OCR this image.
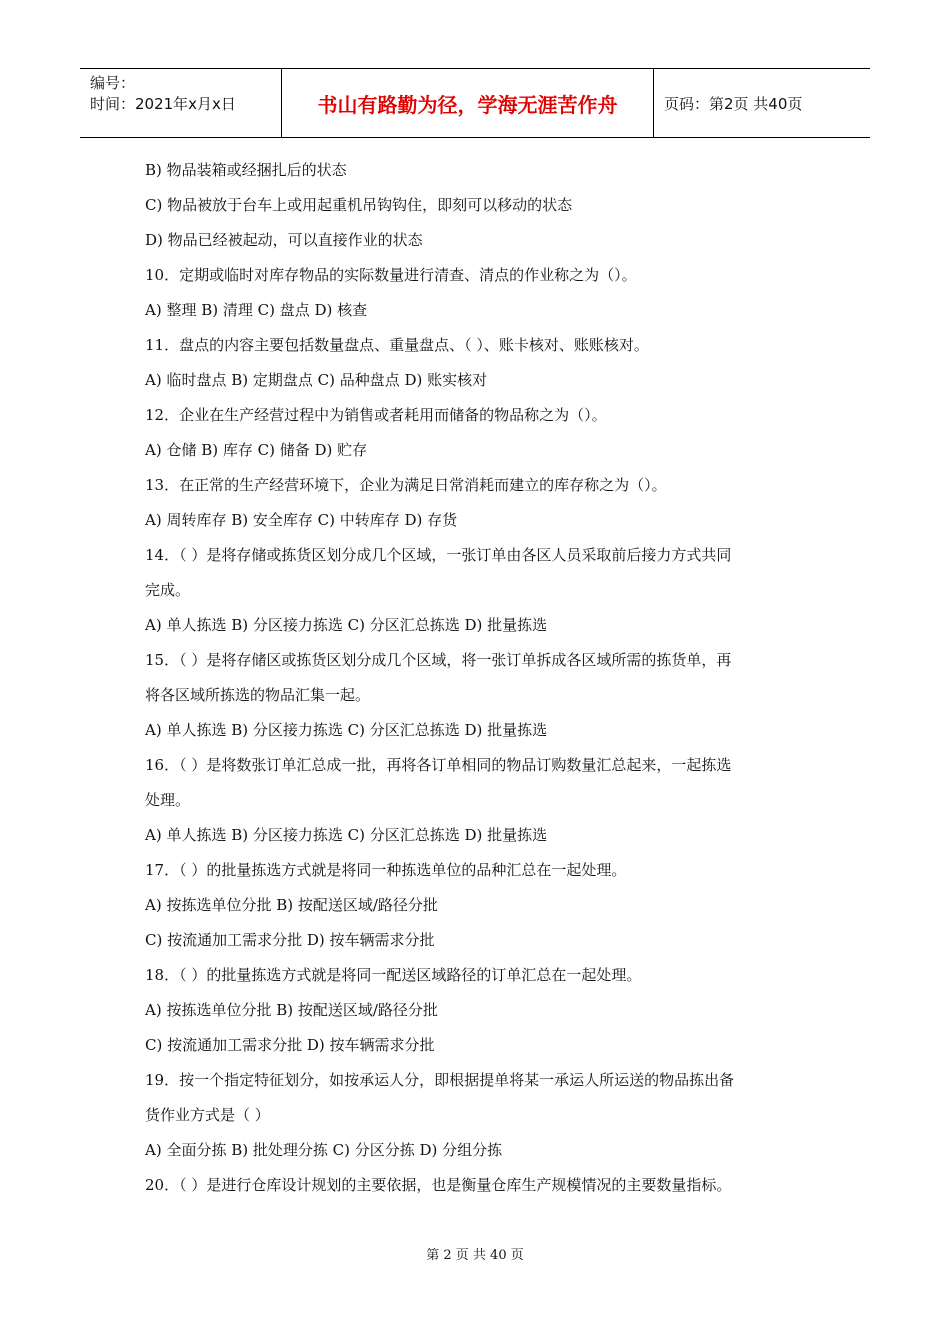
编号：
时间：2021年x月x日	书山有路勤为径，学海无涯苦作舟	页码：第2页 共40页
B) 物品装箱或经捆扎后的状态
C) 物品被放于台车上或用起重机吊钩钩住，即刻可以移动的状态
D) 物品已经被起动，可以直接作业的状态
10．定期或临时对库存物品的实际数量进行清查、清点的作业称之为（）。
A) 整理 B) 清理 C) 盘点 D) 核查
11．盘点的内容主要包括数量盘点、重量盘点、（ ）、账卡核对、账账核对。
A) 临时盘点 B) 定期盘点 C) 品种盘点 D) 账实核对
12．企业在生产经营过程中为销售或者耗用而储备的物品称之为（）。
A) 仓储 B) 库存 C) 储备 D) 贮存
13．在正常的生产经营环境下，企业为满足日常消耗而建立的库存称之为（）。
A) 周转库存 B) 安全库存 C) 中转库存 D) 存货
14．（ ）是将存储或拣货区划分成几个区域，一张订单由各区人员采取前后接力方式共同
完成。
A) 单人拣选 B) 分区接力拣选 C) 分区汇总拣选 D) 批量拣选
15．（ ）是将存储区或拣货区划分成几个区域，将一张订单拆成各区域所需的拣货单，再
将各区域所拣选的物品汇集一起。
A) 单人拣选 B) 分区接力拣选 C) 分区汇总拣选 D) 批量拣选
16．（ ）是将数张订单汇总成一批，再将各订单相同的物品订购数量汇总起来，一起拣选
处理。
A) 单人拣选 B) 分区接力拣选 C) 分区汇总拣选 D) 批量拣选
17．（ ）的批量拣选方式就是将同一种拣选单位的品种汇总在一起处理。
A) 按拣选单位分批 B) 按配送区域/路径分批
C) 按流通加工需求分批 D) 按车辆需求分批
18．（ ）的批量拣选方式就是将同一配送区域路径的订单汇总在一起处理。
A) 按拣选单位分批 B) 按配送区域/路径分批
C) 按流通加工需求分批 D) 按车辆需求分批
19．按一个指定特征划分，如按承运人分，即根据提单将某一承运人所运送的物品拣出备
货作业方式是（ ）
A) 全面分拣 B) 批处理分拣 C) 分区分拣 D) 分组分拣
20．（ ）是进行仓库设计规划的主要依据，也是衡量仓库生产规模情况的主要数量指标。
第 2 页 共 40 页
